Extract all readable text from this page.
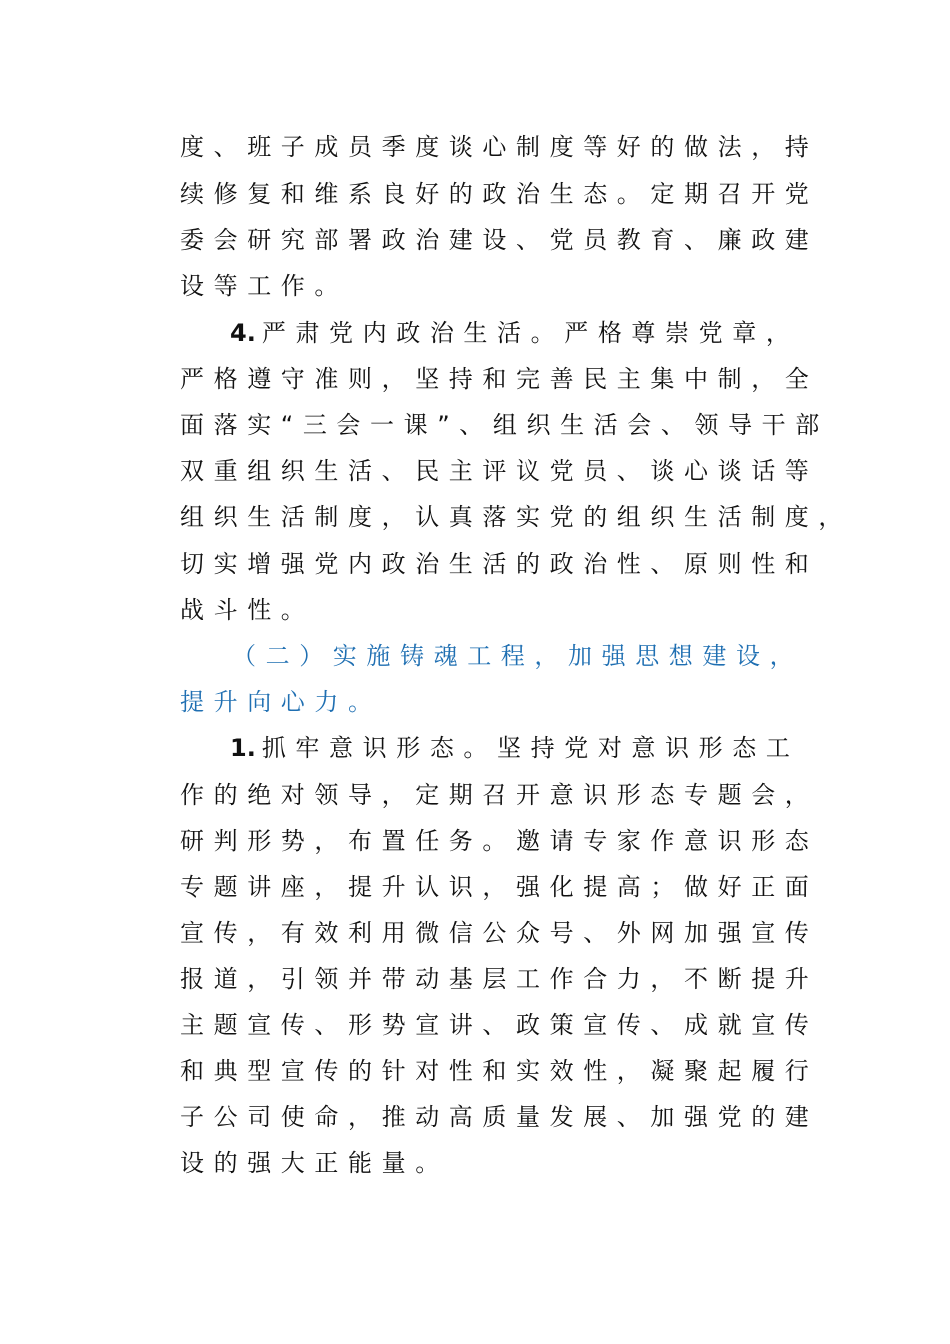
度、班子成员季度谈心制度等好的做法，持
续修复和维系良好的政治生态。定期召开党
委会研究部署政治建设、党员教育、廉政建
设等工作。
4. 严肃党内政治生活。严格尊崇党章，
严格遵守准则，坚持和完善民主集中制，全
面落实“三会一课”、组织生活会、领导干部
双重组织生活、民主评议党员、谈心谈话等
组织生活制度，认真落实党的组织生活制度，
切实增强党内政治生活的政治性、原则性和
战斗性。
（二）实施铸魂工程，加强思想建设，
提升向心力。
1. 抓牢意识形态。坚持党对意识形态工
作的绝对领导，定期召开意识形态专题会，
研判形势，布置任务。邀请专家作意识形态
专题讲座，提升认识，强化提高；做好正面
宣传，有效利用微信公众号、外网加强宣传
报道，引领并带动基层工作合力，不断提升
主题宣传、形势宣讲、政策宣传、成就宣传
和典型宣传的针对性和实效性，凝聚起履行
子公司使命，推动高质量发展、加强党的建
设的强大正能量。
